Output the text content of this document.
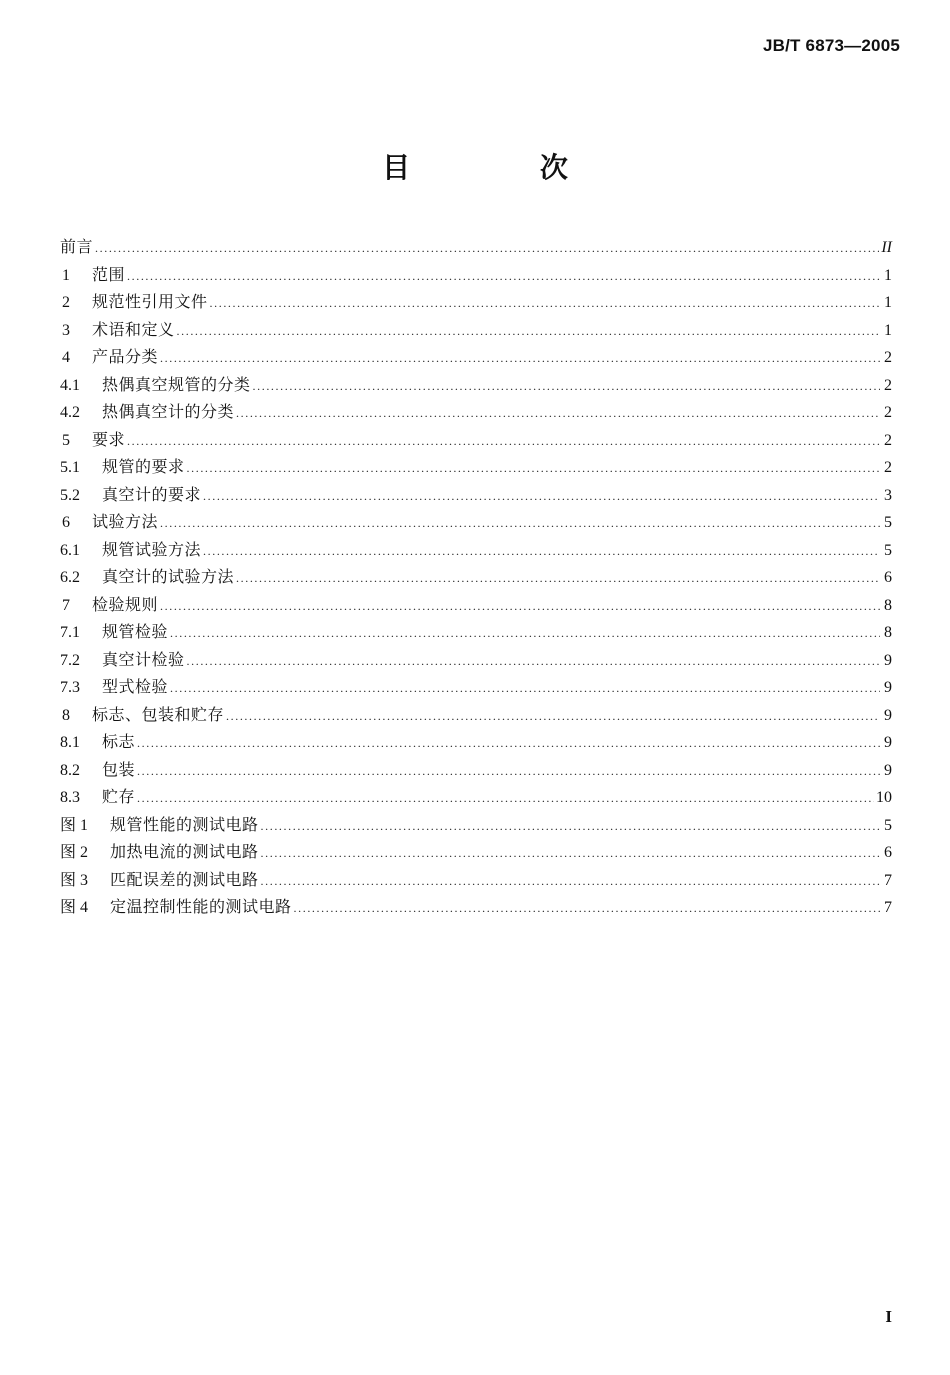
JB/T 6873—2005
目 次
前言 .....	II
1	范围 .....	1
2	规范性引用文件 .....	1
3	术语和定义 .....	1
4	产品分类 .....	2
4.1	热偶真空规管的分类 .....	2
4.2	热偶真空计的分类 .....	2
5	要求 .....	2
5.1	规管的要求 .....	2
5.2	真空计的要求 .....	3
6	试验方法 .....	5
6.1	规管试验方法 .....	5
6.2	真空计的试验方法 .....	6
7	检验规则 .....	8
7.1	规管检验 .....	8
7.2	真空计检验 .....	9
7.3	型式检验 .....	9
8	标志、包装和贮存 .....	9
8.1	标志 .....	9
8.2	包装 .....	9
8.3	贮存 .....	10
图 1	规管性能的测试电路 .....	5
图 2	加热电流的测试电路 .....	6
图 3	匹配误差的测试电路 .....	7
图 4	定温控制性能的测试电路 .....	7
I
